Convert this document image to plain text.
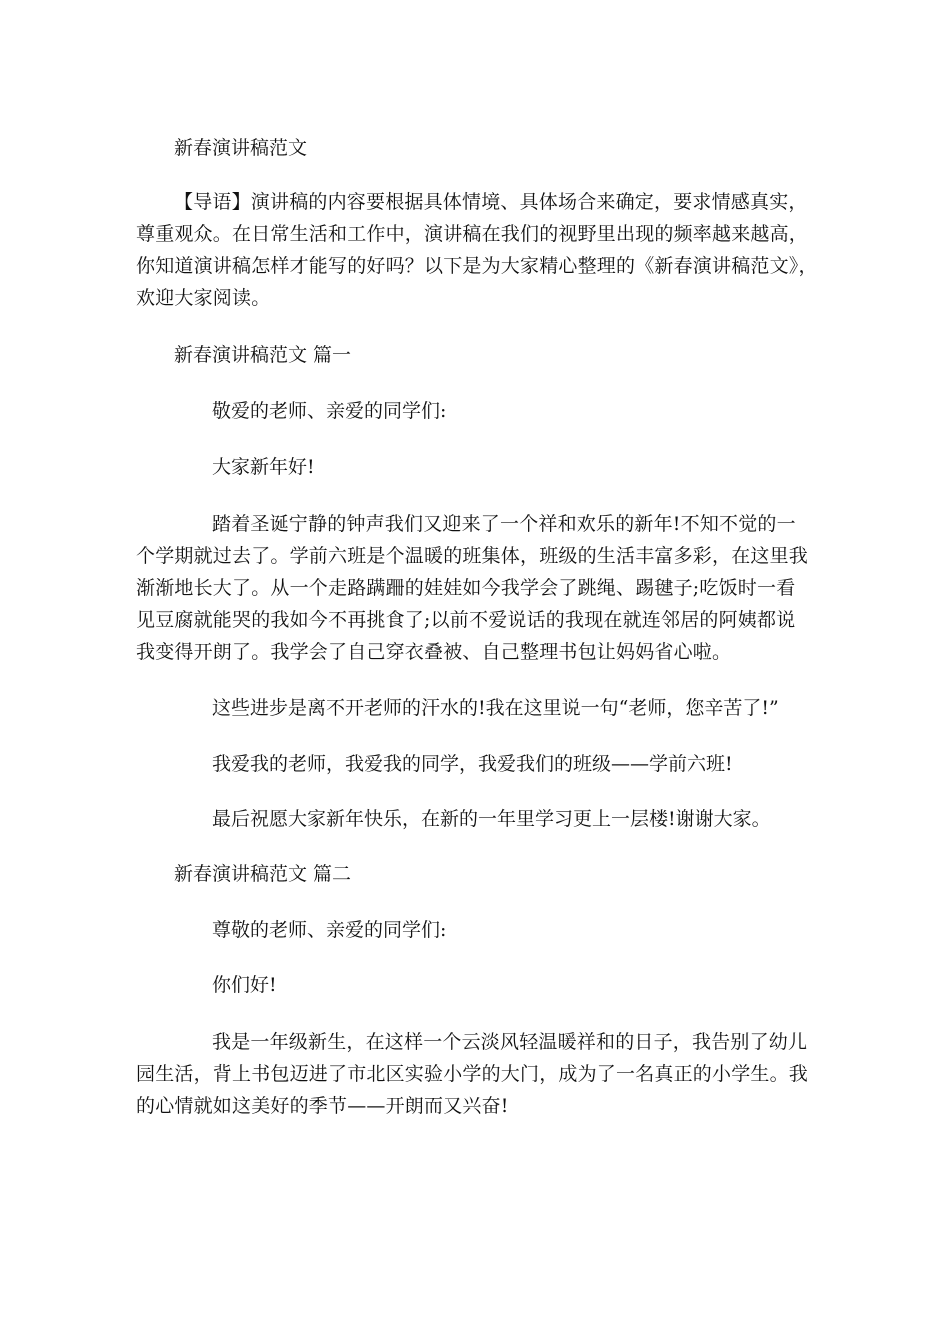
新春演讲稿范文

【导语】演讲稿的内容要根据具体情境、具体场合来确定，要求情感真实，
尊重观众。在日常生活和工作中，演讲稿在我们的视野里出现的频率越来越高，
你知道演讲稿怎样才能写的好吗？以下是为大家精心整理的《新春演讲稿范文》，
欢迎大家阅读。

新春演讲稿范文 篇一

敬爱的老师、亲爱的同学们:

大家新年好!

踏着圣诞宁静的钟声我们又迎来了一个祥和欢乐的新年!不知不觉的一
个学期就过去了。学前六班是个温暖的班集体，班级的生活丰富多彩，在这里我
渐渐地长大了。从一个走路蹒跚的娃娃如今我学会了跳绳、踢毽子;吃饭时一看
见豆腐就能哭的我如今不再挑食了;以前不爱说话的我现在就连邻居的阿姨都说
我变得开朗了。我学会了自己穿衣叠被、自己整理书包让妈妈省心啦。

这些进步是离不开老师的汗水的!我在这里说一句“老师，您辛苦了!”

我爱我的老师，我爱我的同学，我爱我们的班级——学前六班!

最后祝愿大家新年快乐，在新的一年里学习更上一层楼!谢谢大家。

新春演讲稿范文 篇二

尊敬的老师、亲爱的同学们:

你们好!

我是一年级新生，在这样一个云淡风轻温暖祥和的日子，我告别了幼儿
园生活，背上书包迈进了市北区实验小学的大门，成为了一名真正的小学生。我
的心情就如这美好的季节——开朗而又兴奋!
